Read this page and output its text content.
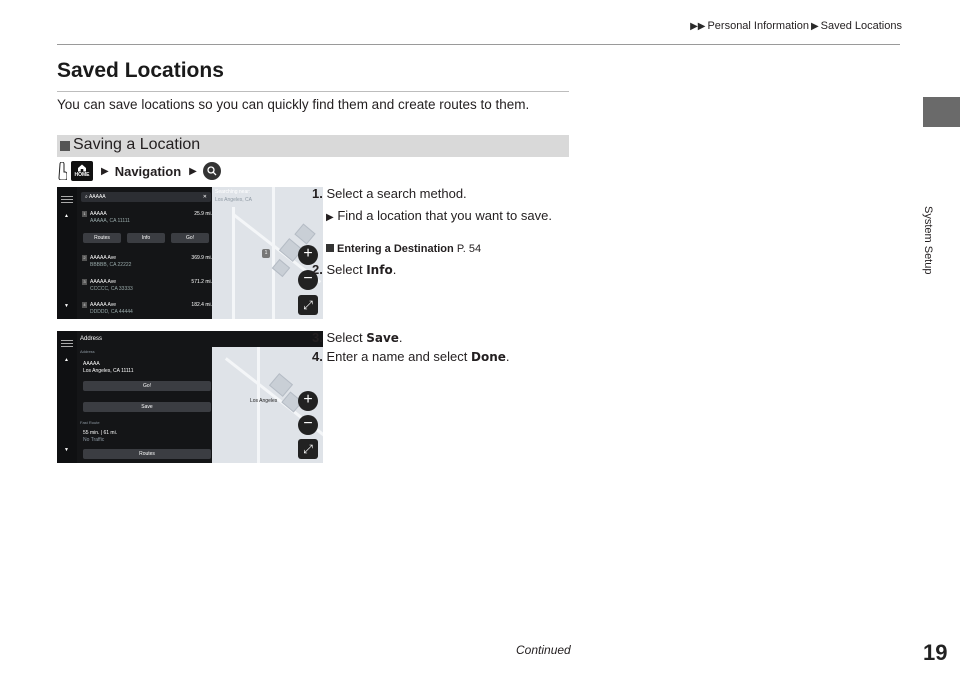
▶▶ Personal Information ▶ Saved Locations
Saved Locations
You can save locations so you can quickly find them and create routes to them.
Saving a Location
HOME ▶ Navigation ▶
Searching near:
Los Angeles, CA
1	+
−
⤢
▲
▼
⌕ AAAAA	✕
1 AAAAA
AAAAA, CA 11111
25.9 mi.
Routes	Info	Go!
2 AAAAA Ave
BBBBB, CA 22222
369.9 mi.
3 AAAAA Ave
CCCCC, CA 33333
571.2 mi.
4 AAAAA Ave
DDDDD, CA 44444
182.4 mi.
1. Select a search method.
▶ Find a location that you want to save.
Entering a Destination P. 54
2. Select Info.
Los Angeles	+
−
⤢
Address
▲
▼
Address
AAAAA
Los Angeles, CA 11111
Go!
Save
Fast Route
55 min. | 61 mi.
No Traffic
Routes
3. Select Save.
4. Enter a name and select Done.
System Setup
Continued	19
